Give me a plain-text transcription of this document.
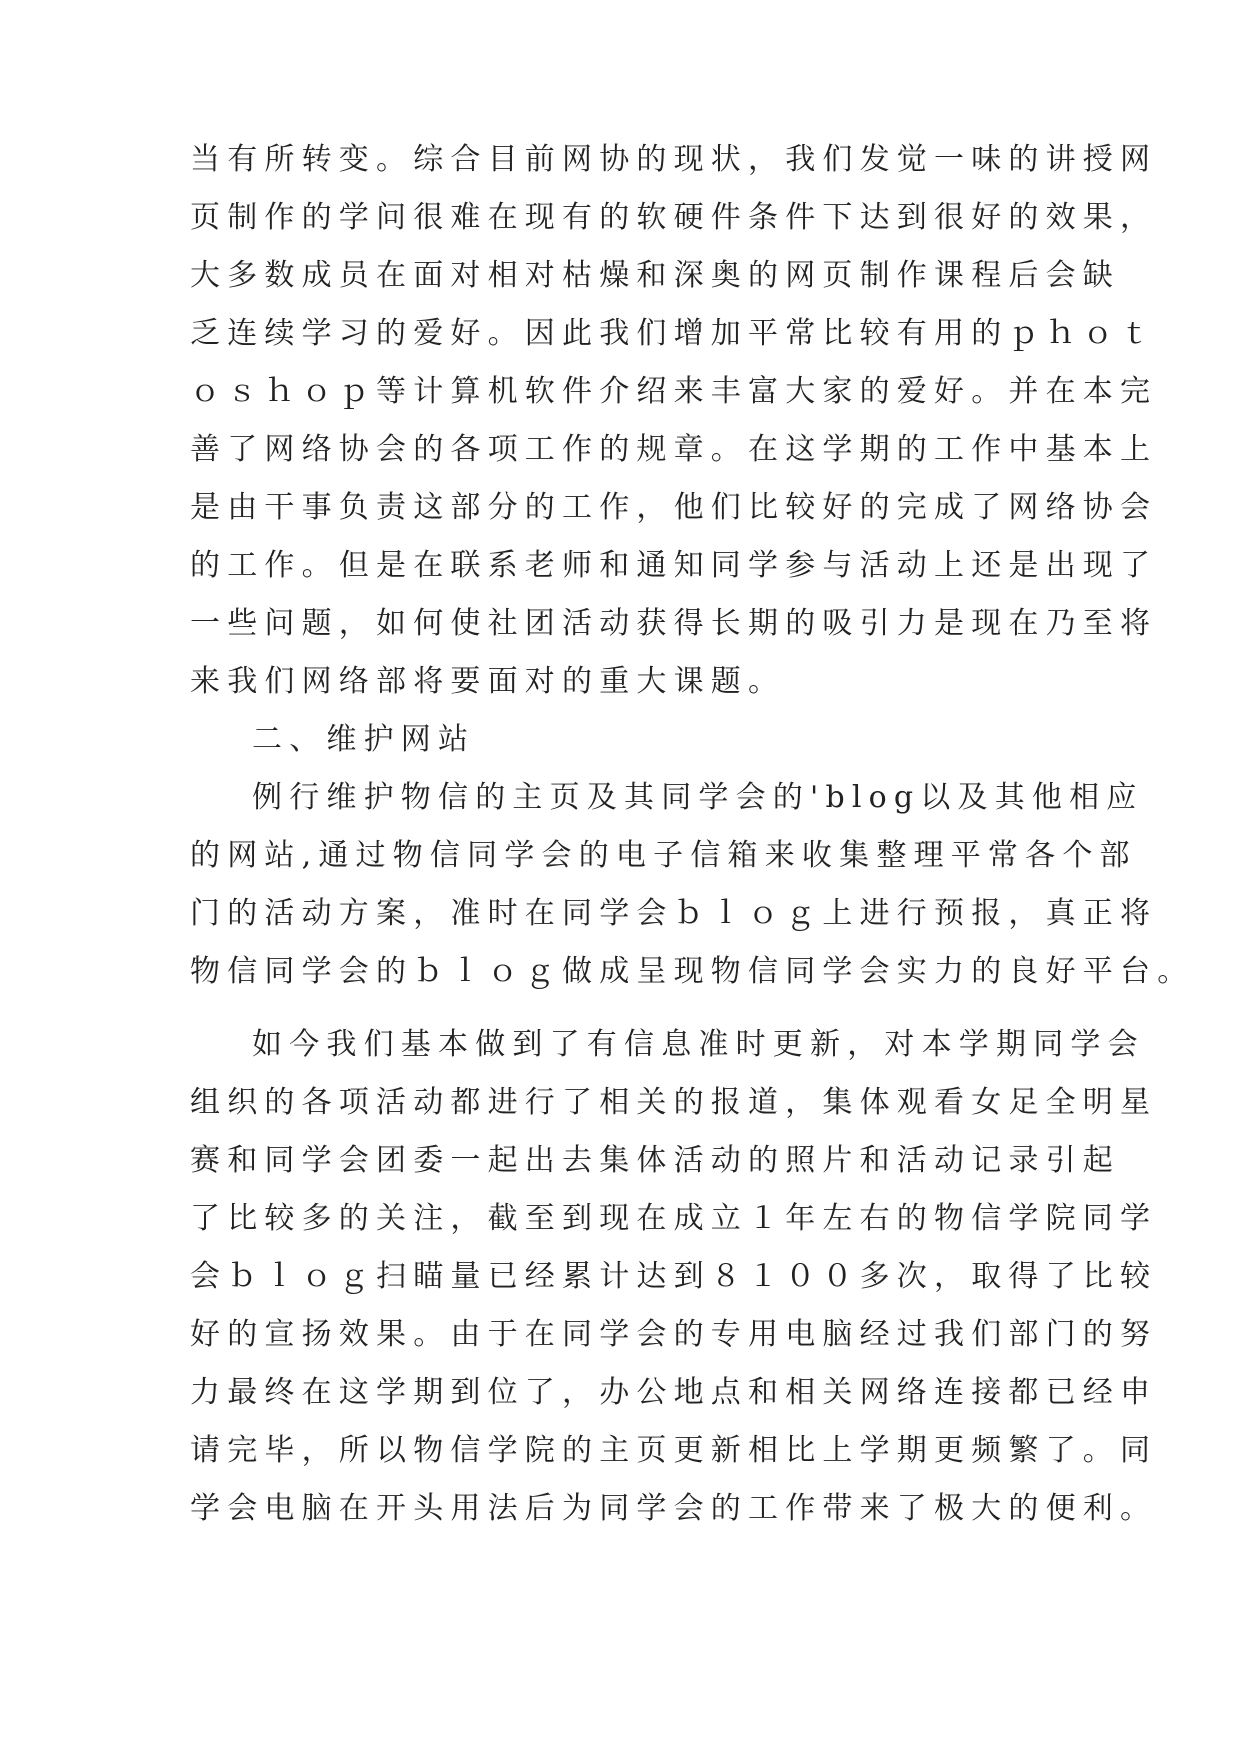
当有所转变。综合目前网协的现状，我们发觉一味的讲授网
页制作的学问很难在现有的软硬件条件下达到很好的效果，
大多数成员在面对相对枯燥和深奥的网页制作课程后会缺
乏连续学习的爱好。因此我们增加平常比较有用的ｐｈｏｔ
ｏｓｈｏｐ等计算机软件介绍来丰富大家的爱好。并在本完
善了网络协会的各项工作的规章。在这学期的工作中基本上
是由干事负责这部分的工作，他们比较好的完成了网络协会
的工作。但是在联系老师和通知同学参与活动上还是出现了
一些问题，如何使社团活动获得长期的吸引力是现在乃至将
来我们网络部将要面对的重大课题。
二、维护网站
例行维护物信的主页及其同学会的'blog以及其他相应
的网站,通过物信同学会的电子信箱来收集整理平常各个部
门的活动方案，准时在同学会ｂｌｏｇ上进行预报，真正将
物信同学会的ｂｌｏｇ做成呈现物信同学会实力的良好平台。
如今我们基本做到了有信息准时更新，对本学期同学会
组织的各项活动都进行了相关的报道，集体观看女足全明星
赛和同学会团委一起出去集体活动的照片和活动记录引起
了比较多的关注，截至到现在成立１年左右的物信学院同学
会ｂｌｏｇ扫瞄量已经累计达到８１００多次，取得了比较
好的宣扬效果。由于在同学会的专用电脑经过我们部门的努
力最终在这学期到位了，办公地点和相关网络连接都已经申
请完毕，所以物信学院的主页更新相比上学期更频繁了。同
学会电脑在开头用法后为同学会的工作带来了极大的便利。
